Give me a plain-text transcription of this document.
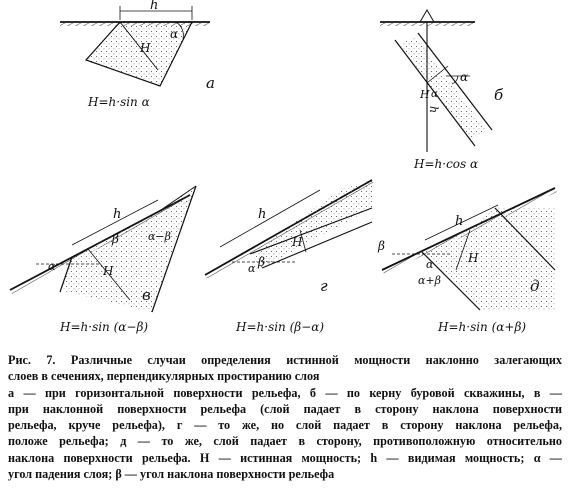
h
H
α
а
H=h·sin α
H α
h
α
б
H=h·cos α
h
H
α
β	α−β
в
H=h·sin (α−β)
h
H
α β
г
H=h·sin (β−α)
h
H
β
α
α+β	д
H=h·sin (α+β)
Рис. 7. Различные случаи определения истинной мощности наклонно залегающих
слоев в сечениях, перпендикулярных простиранию слоя
а — при горизонтальной поверхности рельефа, б — по керну буровой скважины, в —
при наклонной поверхности рельефа (слой падает в сторону наклона поверхности
рельефа, круче рельефа), г — то же, но слой падает в сторону наклона рельефа,
положе рельефа; д — то же, слой падает в сторону, противоположную относительно
наклона поверхности рельефа. H — истинная мощность; h — видимая мощность; α —
угол падения слоя; β — угол наклона поверхности рельефа
